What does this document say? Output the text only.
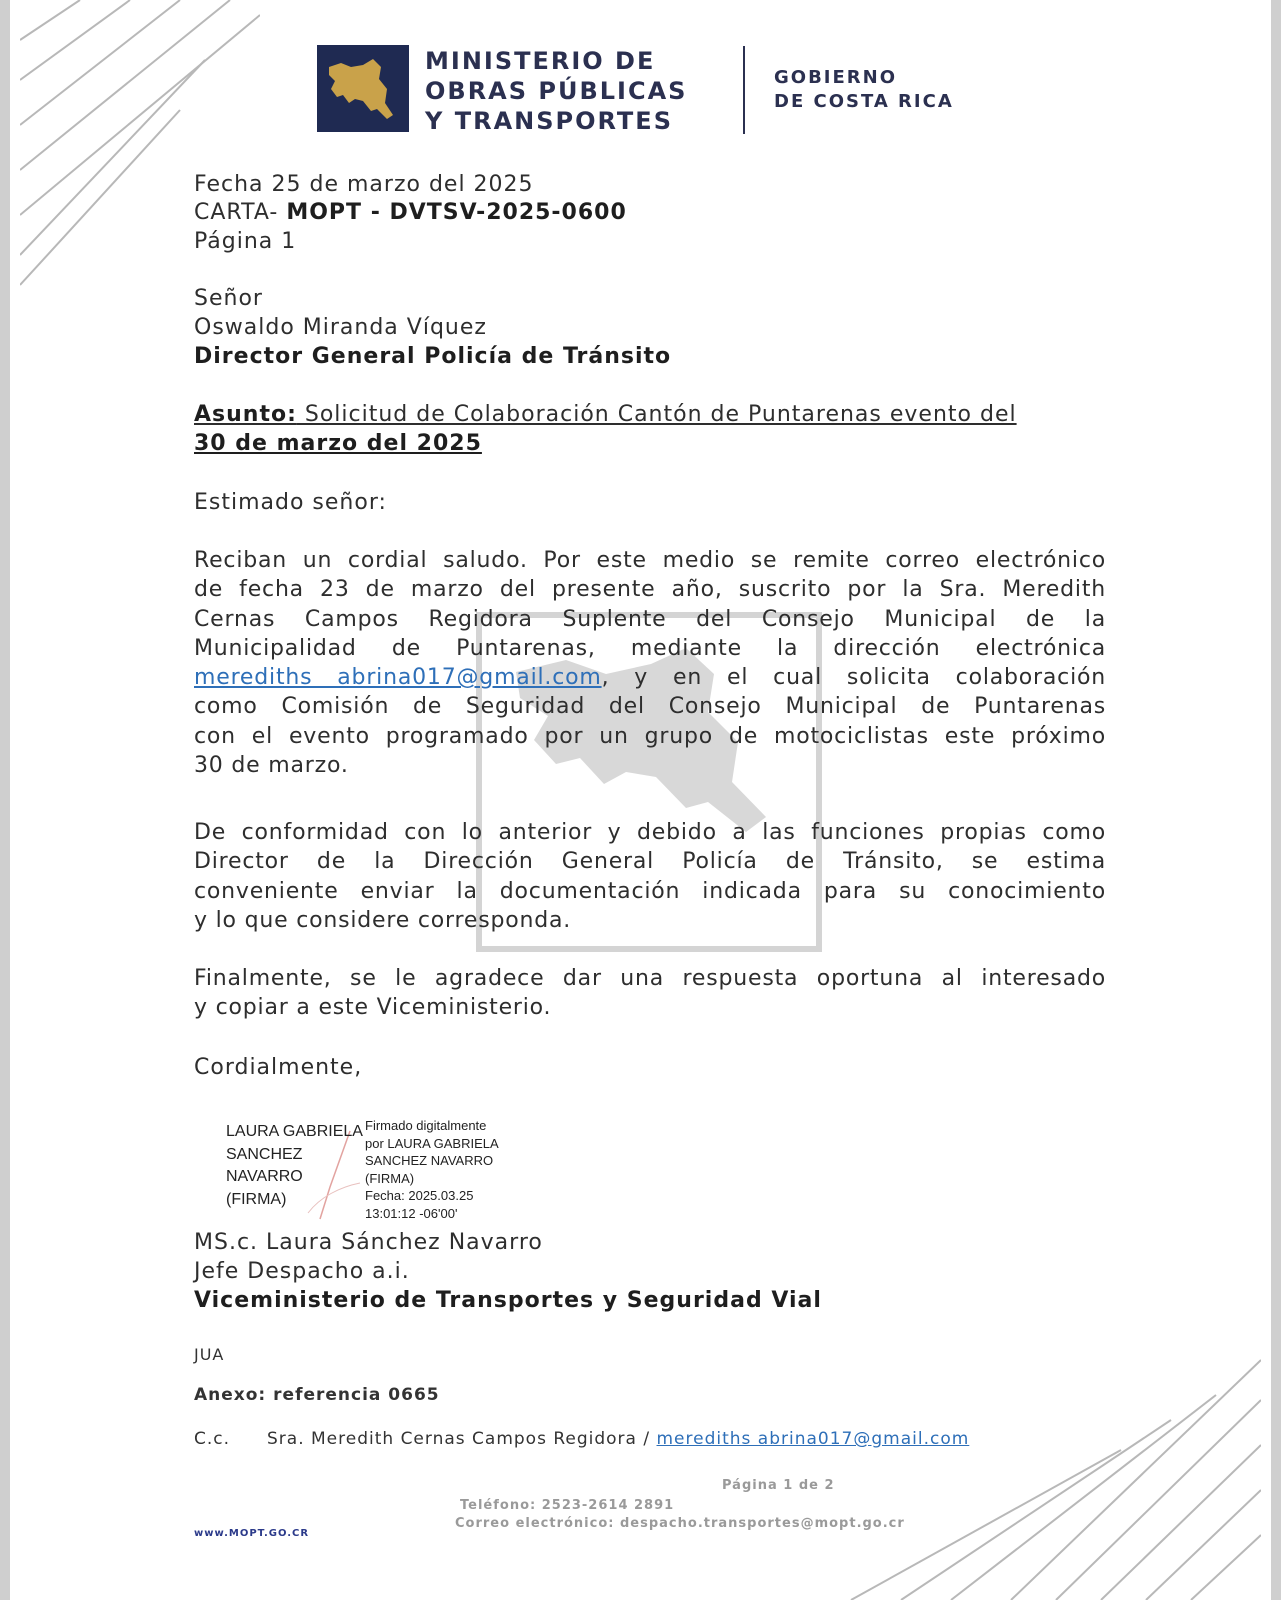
MINISTERIO DE
OBRAS PÚBLICAS
Y TRANSPORTES
GOBIERNO
DE COSTA RICA
Fecha 25 de marzo del 2025
CARTA- MOPT - DVTSV-2025-0600
Página 1
Señor
Oswaldo Miranda Víquez
Director General Policía de Tránsito
Asunto: Solicitud de Colaboración Cantón de Puntarenas evento del
30 de marzo del 2025
Estimado señor:
Reciban un cordial saludo. Por este medio se remite correo electrónico
de fecha 23 de marzo del presente año, suscrito por la Sra. Meredith
Cernas Campos Regidora Suplente del Consejo Municipal de la
Municipalidad de Puntarenas, mediante la dirección electrónica
merediths abrina017@gmail.com, y en el cual solicita colaboración
como Comisión de Seguridad del Consejo Municipal de Puntarenas
con el evento programado por un grupo de motociclistas este próximo
30 de marzo.
De conformidad con lo anterior y debido a las funciones propias como
Director de la Dirección General Policía de Tránsito, se estima
conveniente enviar la documentación indicada para su conocimiento
y lo que considere corresponda.
Finalmente, se le agradece dar una respuesta oportuna al interesado
y copiar a este Viceministerio.
Cordialmente,
LAURA GABRIELA
SANCHEZ
NAVARRO
(FIRMA)
Firmado digitalmente
por LAURA GABRIELA
SANCHEZ NAVARRO
(FIRMA)
Fecha: 2025.03.25
13:01:12 -06'00'
MS.c. Laura Sánchez Navarro
Jefe Despacho a.i.
Viceministerio de Transportes y Seguridad Vial
JUA
Anexo: referencia 0665
C.c. Sra. Meredith Cernas Campos Regidora / merediths abrina017@gmail.com
Página 1 de 2
Teléfono: 2523-2614 2891
Correo electrónico: despacho.transportes@mopt.go.cr
www.MOPT.GO.CR
